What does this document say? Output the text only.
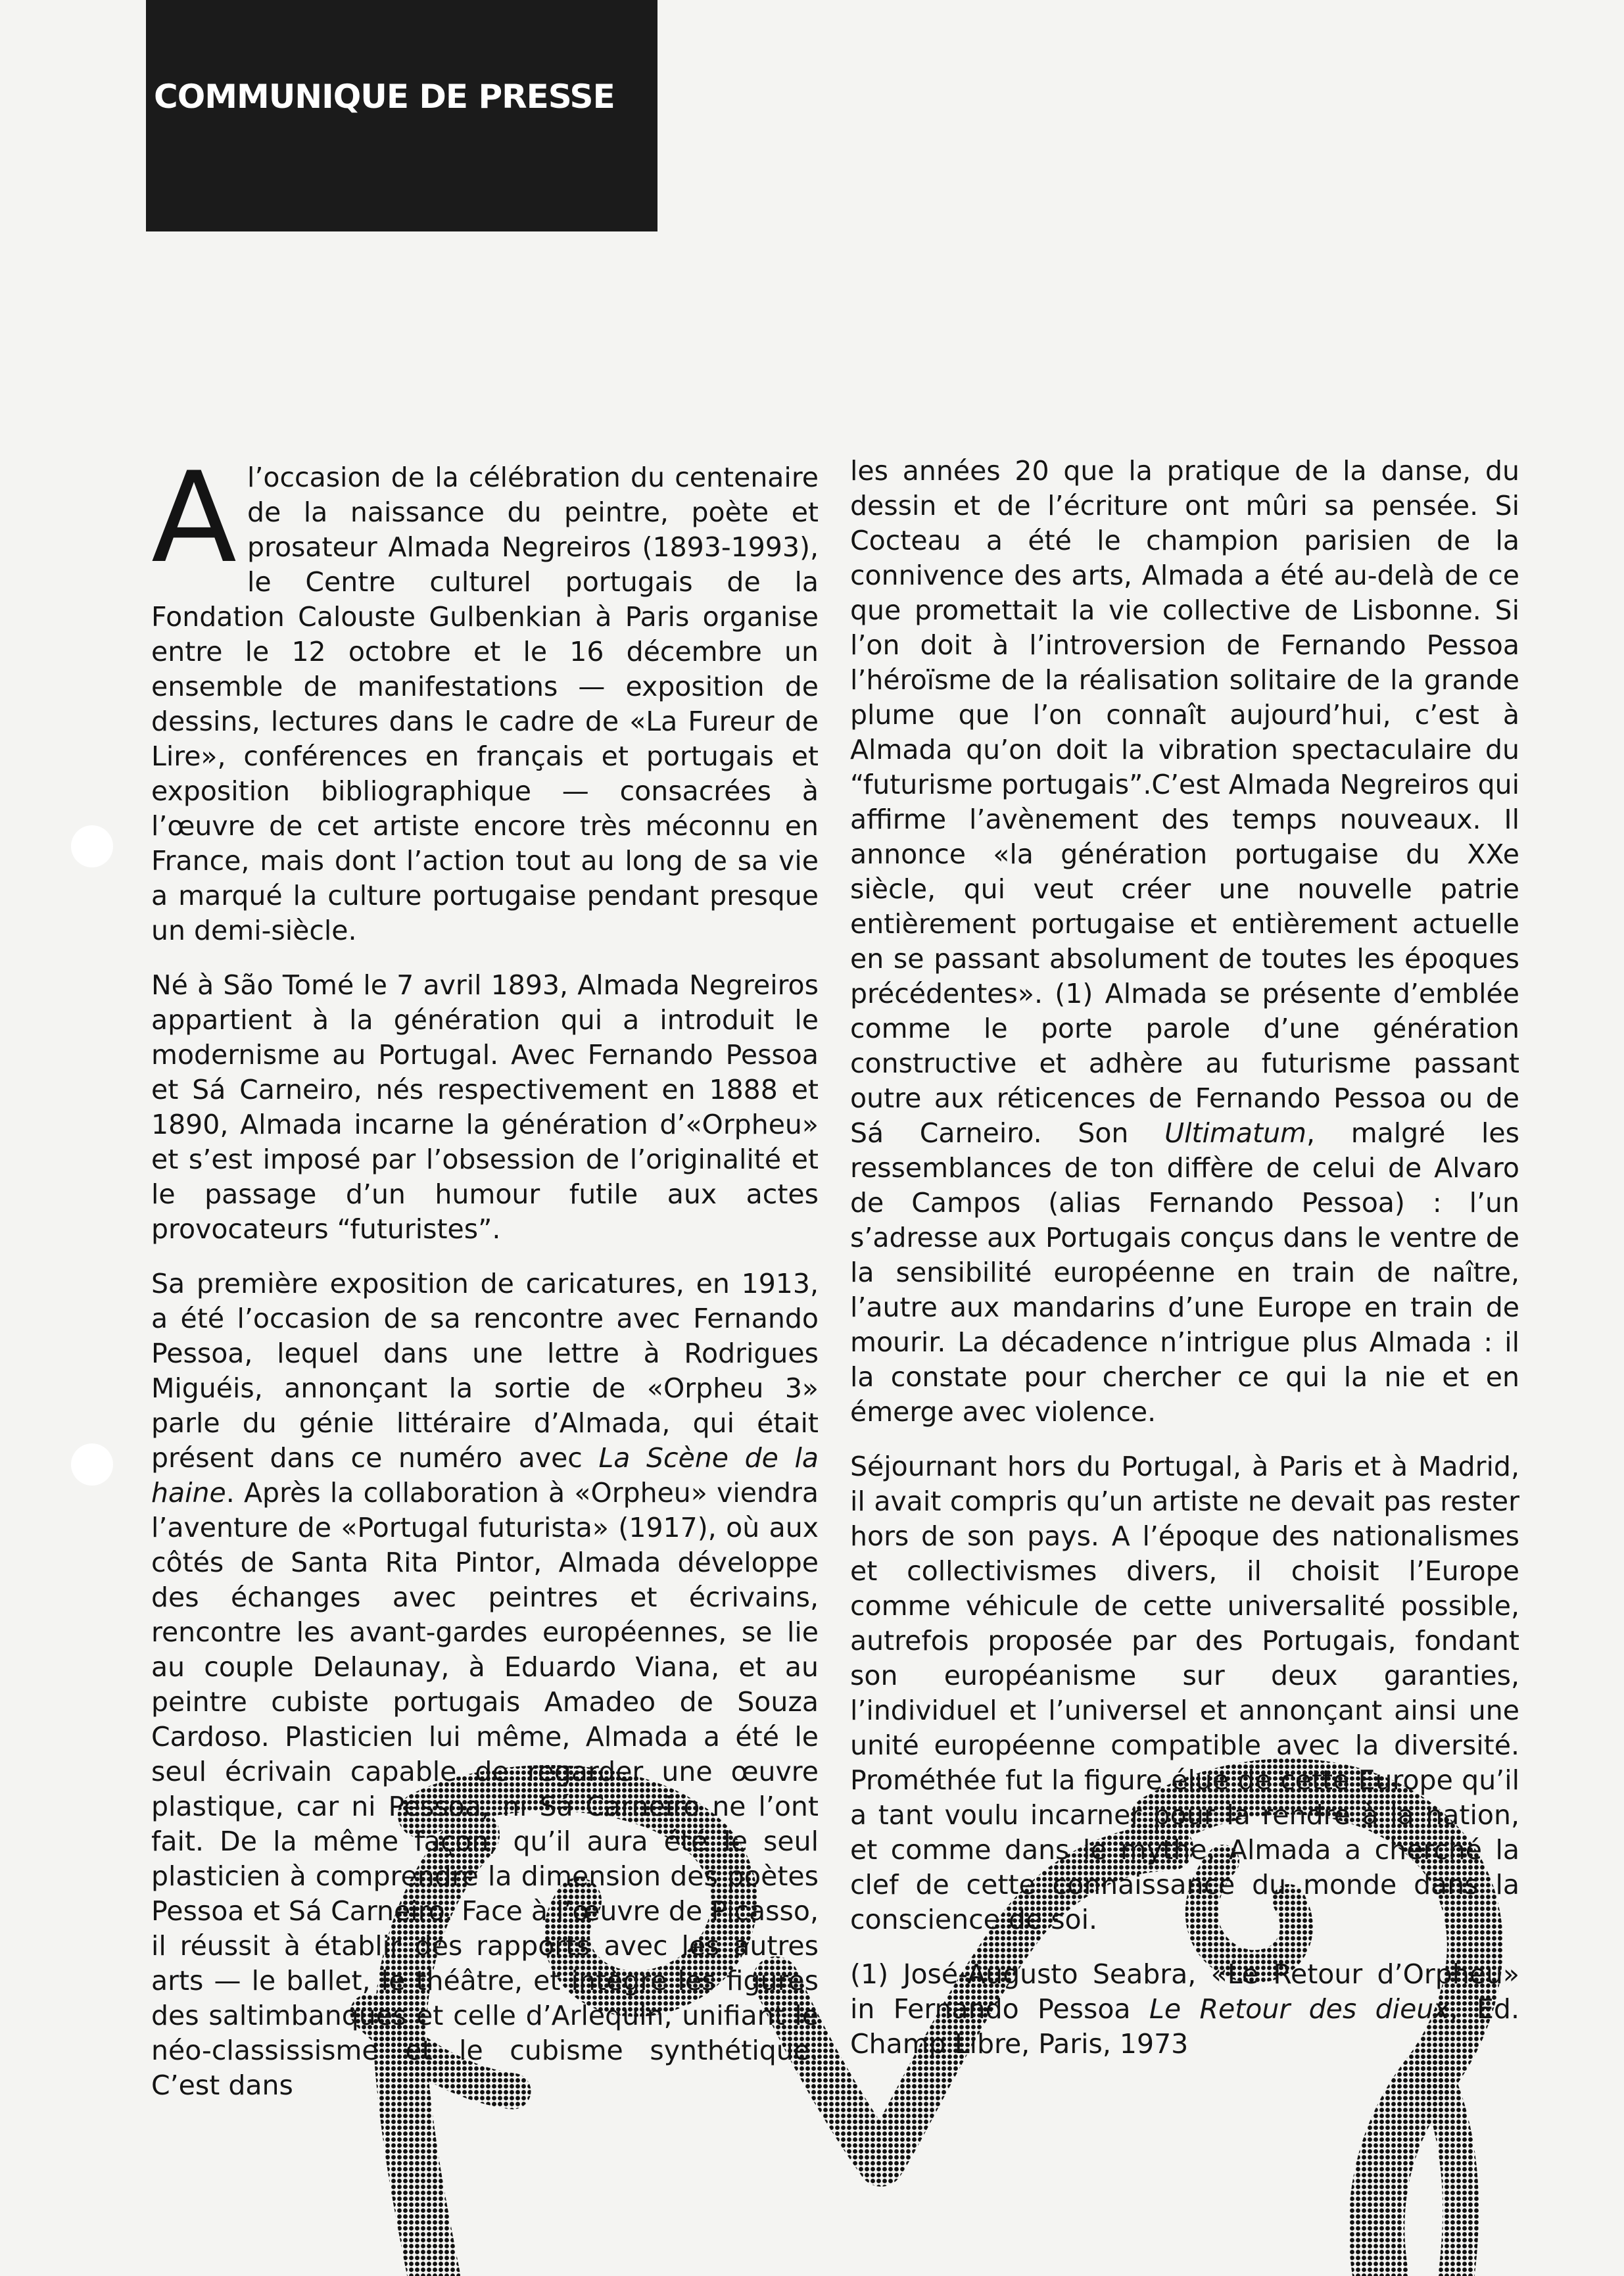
COMMUNIQUE DE PRESSE

A l’occasion de la célébration du centenaire de la naissance du peintre, poète et prosateur Almada Negreiros (1893-1993), le Centre culturel portugais de la Fondation Calouste Gulbenkian à Paris organise entre le 12 octobre et le 16 décembre un ensemble de manifestations — exposition de dessins, lectures dans le cadre de «La Fureur de Lire», conférences en français et portugais et exposition bibliographique — consacrées à l’œuvre de cet artiste encore très méconnu en France, mais dont l’action tout au long de sa vie a marqué la culture portugaise pendant presque un demi-siècle.

Né à São Tomé le 7 avril 1893, Almada Negreiros appartient à la génération qui a introduit le modernisme au Portugal. Avec Fernando Pessoa et Sá Carneiro, nés respectivement en 1888 et 1890, Almada incarne la génération d’«Orpheu» et s’est imposé par l’obsession de l’originalité et le passage d’un humour futile aux actes provocateurs “futuristes”.

Sa première exposition de caricatures, en 1913, a été l’occasion de sa rencontre avec Fernando Pessoa, lequel dans une lettre à Rodrigues Miguéis, annonçant la sortie de «Orpheu 3» parle du génie littéraire d’Almada, qui était présent dans ce numéro avec La Scène de la haine. Après la collaboration à «Orpheu» viendra l’aventure de «Portugal futurista» (1917), où aux côtés de Santa Rita Pintor, Almada développe des échanges avec peintres et écrivains, rencontre les avant-gardes européennes, se lie au couple Delaunay, à Eduardo Viana, et au peintre cubiste portugais Amadeo de Souza Cardoso. Plasticien lui même, Almada a été le seul écrivain capable de regarder une œuvre plastique, car ni Pessoa, ni Sá Carneiro ne l’ont fait. De la même façon, qu’il aura été le seul plasticien à comprendre la dimension des poètes Pessoa et Sá Carneiro. Face à l’œuvre de Picasso, il réussit à établir des rapports avec les autres arts — le ballet, le théâtre, et intègre les figures des saltimbanques et celle d’Arlequin, unifiant le néo-classissisme et le cubisme synthétique. C’est dans

les années 20 que la pratique de la danse, du dessin et de l’écriture ont mûri sa pensée. Si Cocteau a été le champion parisien de la connivence des arts, Almada a été au-delà de ce que promettait la vie collective de Lisbonne. Si l’on doit à l’introversion de Fernando Pessoa l’héroïsme de la réalisation solitaire de la grande plume que l’on connaît aujourd’hui, c’est à Almada qu’on doit la vibration spectaculaire du “futurisme portugais”.C’est Almada Negreiros qui affirme l’avènement des temps nouveaux. Il annonce «la génération portugaise du XXe siècle, qui veut créer une nouvelle patrie entièrement portugaise et entièrement actuelle en se passant absolument de toutes les époques précédentes». (1) Almada se présente d’emblée comme le porte parole d’une génération constructive et adhère au futurisme passant outre aux réticences de Fernando Pessoa ou de Sá Carneiro. Son Ultimatum, malgré les ressemblances de ton diffère de celui de Alvaro de Campos (alias Fernando Pessoa) : l’un s’adresse aux Portugais conçus dans le ventre de la sensibilité européenne en train de naître, l’autre aux mandarins d’une Europe en train de mourir. La décadence n’intrigue plus Almada : il la constate pour chercher ce qui la nie et en émerge avec violence.

Séjournant hors du Portugal, à Paris et à Madrid, il avait compris qu’un artiste ne devait pas rester hors de son pays. A l’époque des nationalismes et collectivismes divers, il choisit l’Europe comme véhicule de cette universalité possible, autrefois proposée par des Portugais, fondant son européanisme sur deux garanties, l’individuel et l’universel et annonçant ainsi une unité européenne compatible avec la diversité. Prométhée fut la figure élue de cette Europe qu’il a tant voulu incarner pour la rendre à la nation, et comme dans le mythe, Almada a cherché la clef de cette connaissance du monde dans la conscience de soi.

(1) José-Augusto Seabra, «Le Retour d’Orpheu» in Fernando Pessoa Le Retour des dieux, Ed. Champ Libre, Paris, 1973
